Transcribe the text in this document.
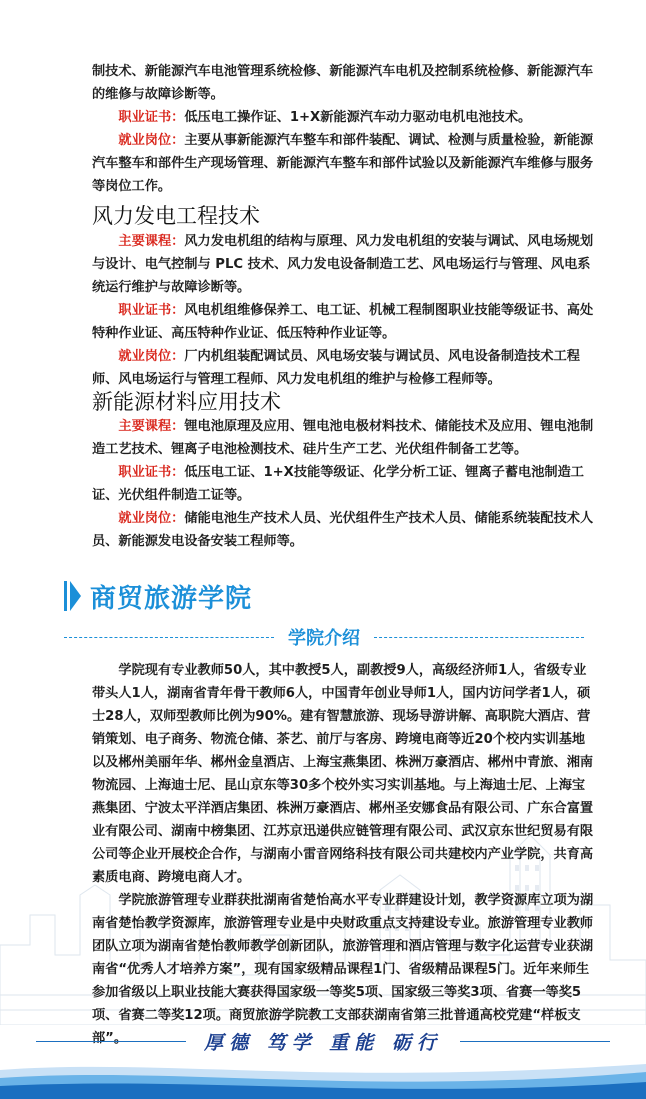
制技术、新能源汽车电池管理系统检修、新能源汽车电机及控制系统检修、新能源汽车的维修与故障诊断等。

职业证书：低压电工操作证、1+X新能源汽车动力驱动电机电池技术。

就业岗位：主要从事新能源汽车整车和部件装配、调试、检测与质量检验，新能源汽车整车和部件生产现场管理、新能源汽车整车和部件试验以及新能源汽车维修与服务等岗位工作。

风力发电工程技术

主要课程：风力发电机组的结构与原理、风力发电机组的安装与调试、风电场规划与设计、电气控制与 PLC 技术、风力发电设备制造工艺、风电场运行与管理、风电系统运行维护与故障诊断等。

职业证书：风电机组维修保养工、电工证、机械工程制图职业技能等级证书、高处特种作业证、高压特种作业证、低压特种作业证等。

就业岗位：厂内机组装配调试员、风电场安装与调试员、风电设备制造技术工程师、风电场运行与管理工程师、风力发电机组的维护与检修工程师等。

新能源材料应用技术

主要课程：锂电池原理及应用、锂电池电极材料技术、储能技术及应用、锂电池制造工艺技术、锂离子电池检测技术、硅片生产工艺、光伏组件制备工艺等。

职业证书：低压电工证、1+X技能等级证、化学分析工证、锂离子蓄电池制造工证、光伏组件制造工证等。

就业岗位：储能电池生产技术人员、光伏组件生产技术人员、储能系统装配技术人员、新能源发电设备安装工程师等。

商贸旅游学院
学院介绍

学院现有专业教师50人，其中教授5人，副教授9人，高级经济师1人，省级专业带头人1人，湖南省青年骨干教师6人，中国青年创业导师1人，国内访问学者1人，硕士28人，双师型教师比例为90%。建有智慧旅游、现场导游讲解、高职院大酒店、营销策划、电子商务、物流仓储、茶艺、前厅与客房、跨境电商等近20个校内实训基地以及郴州美丽年华、郴州金皇酒店、上海宝燕集团、株洲万豪酒店、郴州中青旅、湘南物流园、上海迪士尼、昆山京东等30多个校外实习实训基地。与上海迪士尼、上海宝燕集团、宁波太平洋酒店集团、株洲万豪酒店、郴州圣安娜食品有限公司、广东合富置业有限公司、湖南中榜集团、江苏京迅递供应链管理有限公司、武汉京东世纪贸易有限公司等企业开展校企合作，与湖南小雷音网络科技有限公司共建校内产业学院，共育高素质电商、跨境电商人才。

学院旅游管理专业群获批湖南省楚怡高水平专业群建设计划，教学资源库立项为湖南省楚怡教学资源库，旅游管理专业是中央财政重点支持建设专业。旅游管理专业教师团队立项为湖南省楚怡教师教学创新团队，旅游管理和酒店管理与数字化运营专业获湖南省“优秀人才培养方案”，现有国家级精品课程1门、省级精品课程5门。近年来师生参加省级以上职业技能大赛获得国家级一等奖5项、国家级三等奖3项、省赛一等奖5项、省赛二等奖12项。商贸旅游学院教工支部获湖南省第三批普通高校党建“样板支部”。	厚德 笃学 重能 砺行
